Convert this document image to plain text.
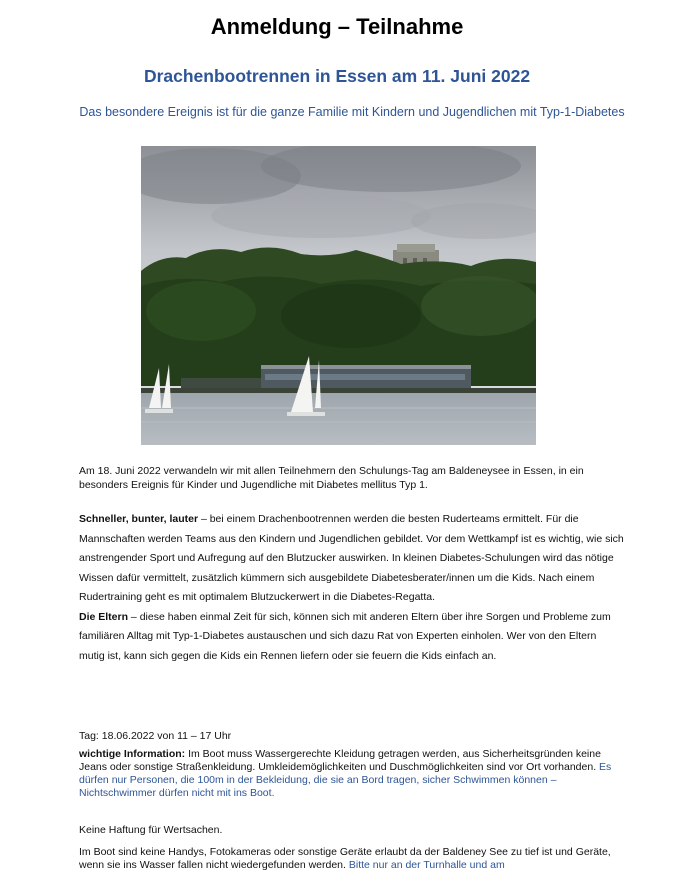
Anmeldung – Teilnahme
Drachenbootrennen in Essen am 11. Juni 2022

Das besondere Ereignis ist für die ganze Familie mit Kindern und Jugendlichen mit Typ-1-Diabetes

Am 18. Juni 2022 verwandeln wir mit allen Teilnehmern den Schulungs-Tag am Baldeneysee in Essen, in ein besonders Ereignis für Kinder und Jugendliche mit Diabetes mellitus Typ 1.

Schneller, bunter, lauter – bei einem Drachenbootrennen werden die besten Ruderteams ermittelt. Für die Mannschaften werden Teams aus den Kindern und Jugendlichen gebildet. Vor dem Wettkampf ist es wichtig, wie sich anstrengender Sport und Aufregung auf den Blutzucker auswirken. In kleinen Diabetes-Schulungen wird das nötige Wissen dafür vermittelt, zusätzlich kümmern sich ausgebildete Diabetesberater/innen um die Kids. Nach einem Rudertraining geht es mit optimalem Blutzuckerwert in die Diabetes-Regatta.

Die Eltern – diese haben einmal Zeit für sich, können sich mit anderen Eltern über ihre Sorgen und Probleme zum familiären Alltag mit Typ-1-Diabetes austauschen und sich dazu Rat von Experten einholen. Wer von den Eltern mutig ist, kann sich gegen die Kids ein Rennen liefern oder sie feuern die Kids einfach an.

Tag: 18.06.2022 von 11 – 17 Uhr

wichtige Information: Im Boot muss Wassergerechte Kleidung getragen werden, aus Sicherheitsgründen keine Jeans oder sonstige Straßenkleidung. Umkleidemöglichkeiten und Duschmöglichkeiten sind vor Ort vorhanden. Es dürfen nur Personen, die 100m in der Bekleidung, die sie an Bord tragen, sicher Schwimmen können – Nichtschwimmer dürfen nicht mit ins Boot.

Keine Haftung für Wertsachen.

Im Boot sind keine Handys, Fotokameras oder sonstige Geräte erlaubt da der Baldeney See zu tief ist und Geräte, wenn sie ins Wasser fallen nicht wiedergefunden werden. Bitte nur an der Turnhalle und am
